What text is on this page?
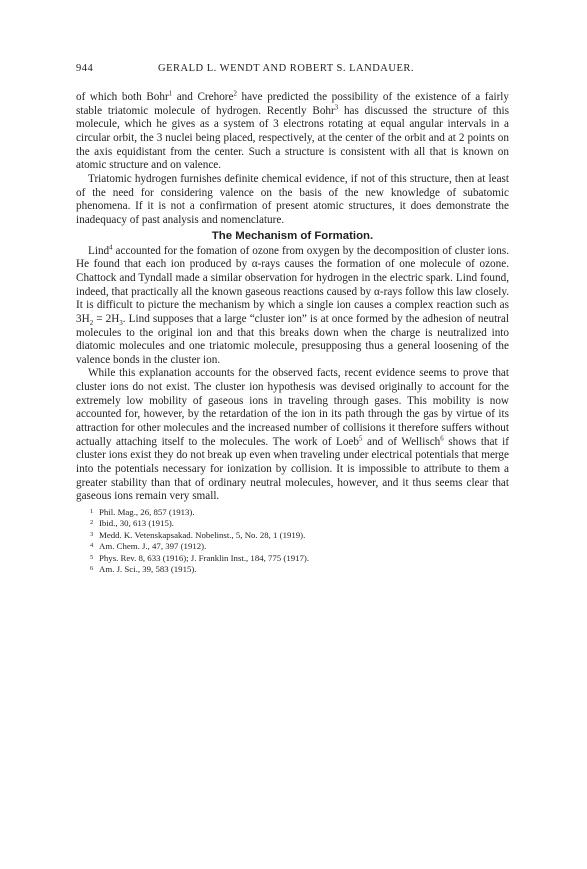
944	GERALD L. WENDT AND ROBERT S. LANDAUER.

of which both Bohr$^1$ and Crehore$^2$ have predicted the possibility of the existence of a fairly stable triatomic molecule of hydrogen. Recently Bohr$^3$ has discussed the structure of this molecule, which he gives as a system of 3 electrons rotating at equal angular intervals in a circular orbit, the 3 nuclei being placed, respectively, at the center of the orbit and at 2 points on the axis equidistant from the center. Such a structure is consistent with all that is known on atomic structure and on valence.

Triatomic hydrogen furnishes definite chemical evidence, if not of this structure, then at least of the need for considering valence on the basis of the new knowledge of subatomic phenomena. If it is not a confirmation of present atomic structures, it does demonstrate the inadequacy of past analysis and nomenclature.

The Mechanism of Formation.

Lind$^4$ accounted for the fomation of ozone from oxygen by the decomposition of cluster ions. He found that each ion produced by α-rays causes the formation of one molecule of ozone. Chattock and Tyndall made a similar observation for hydrogen in the electric spark. Lind found, indeed, that practically all the known gaseous reactions caused by α-rays follow this law closely. It is difficult to picture the mechanism by which a single ion causes a complex reaction such as $3H_2 = 2H_3$. Lind supposes that a large “cluster ion” is at once formed by the adhesion of neutral molecules to the original ion and that this breaks down when the charge is neutralized into diatomic molecules and one triatomic molecule, presupposing thus a general loosening of the valence bonds in the cluster ion.

While this explanation accounts for the observed facts, recent evidence seems to prove that cluster ions do not exist. The cluster ion hypothesis was devised originally to account for the extremely low mobility of gaseous ions in traveling through gases. This mobility is now accounted for, however, by the retardation of the ion in its path through the gas by virtue of its attraction for other molecules and the increased number of collisions it therefore suffers without actually attaching itself to the molecules. The work of Loeb$^5$ and of Wellisch$^6$ shows that if cluster ions exist they do not break up even when traveling under electrical potentials that merge into the potentials necessary for ionization by collision. It is impossible to attribute to them a greater stability than that of ordinary neutral molecules, however, and it thus seems clear that gaseous ions remain very small.

1 Phil. Mag., 26, 857 (1913).
2 Ibid., 30, 613 (1915).
3 Medd. K. Vetenskapsakad. Nobelinst., 5, No. 28, 1 (1919).
4 Am. Chem. J., 47, 397 (1912).
5 Phys. Rev. 8, 633 (1916); J. Franklin Inst., 184, 775 (1917).
6 Am. J. Sci., 39, 583 (1915).
